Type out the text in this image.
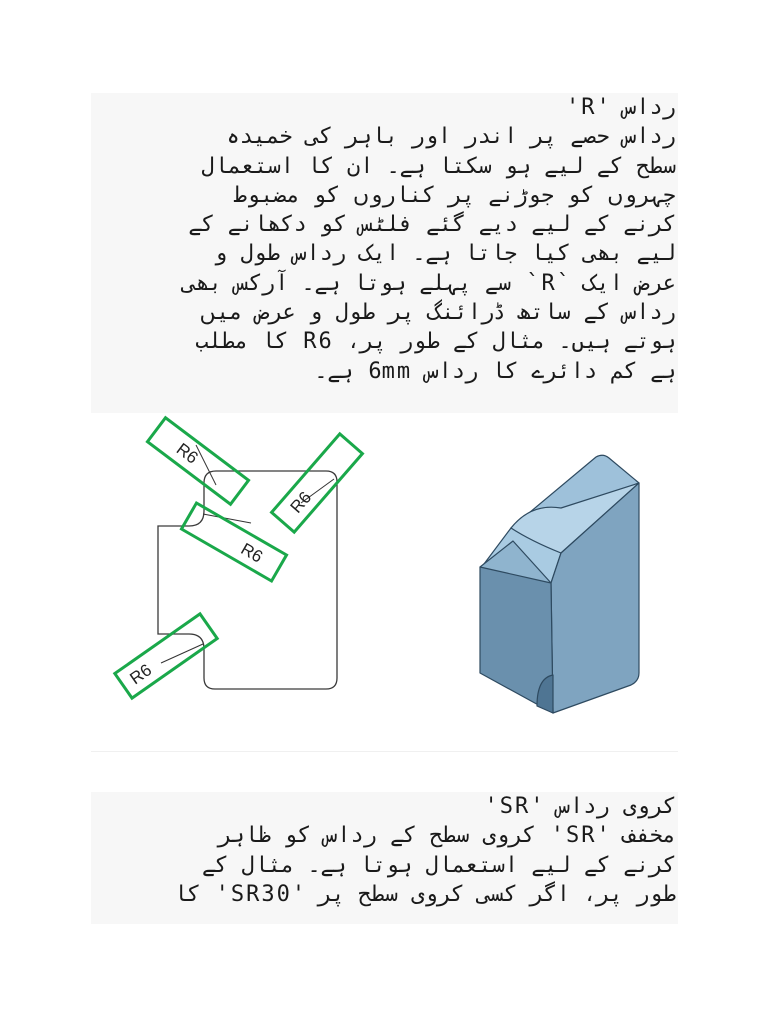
رداس 'R'
رداس حصے پر اندر اور باہر کی خمیدہ
سطح کے لیے ہو سکتا ہے۔ ان کا استعمال
چہروں کو جوڑنے پر کناروں کو مضبوط
کرنے کے لیے دیے گئے فلٹس کو دکھانے کے
لیے بھی کیا جاتا ہے۔ ایک رداس طول و
عرض ایک `R` سے پہلے ہوتا ہے۔ آرکس بھی
رداس کے ساتھ ڈرائنگ پر طول و عرض میں
ہوتے ہیں۔ مثال کے طور پر، R6 کا مطلب
ہے کم دائرے کا رداس 6mm ہے۔
R6
R6
R6
R6
کروی رداس 'SR'
مخفف 'SR' کروی سطح کے رداس کو ظاہر
کرنے کے لیے استعمال ہوتا ہے۔ مثال کے
طور پر، اگر کسی کروی سطح پر 'SR30' کا
